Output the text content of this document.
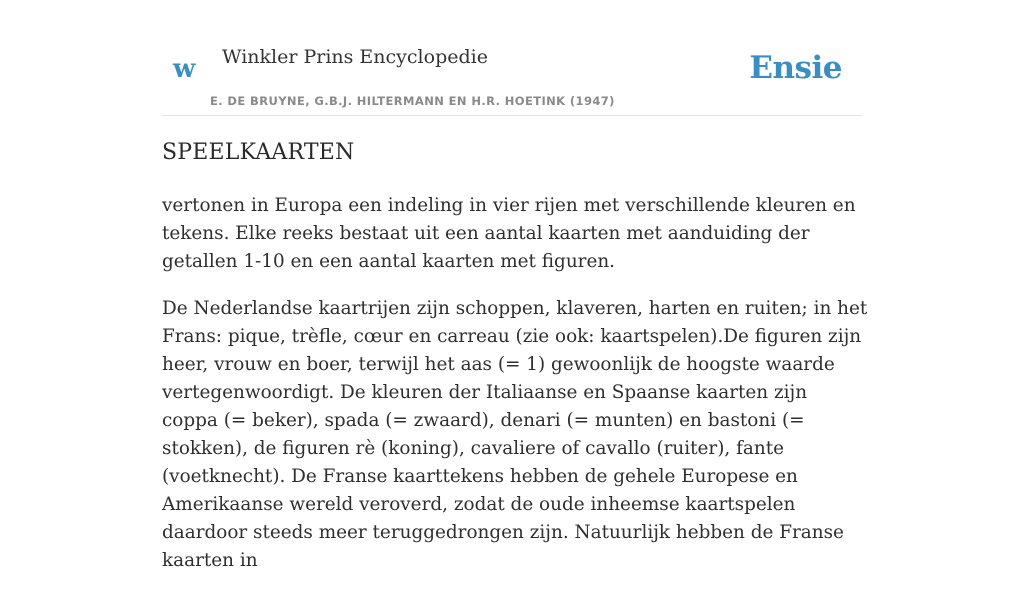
w Winkler Prins Encyclopedie
E. DE BRUYNE, G.B.J. HILTERMANN EN H.R. HOETINK (1947)
Ensie
SPEELKAARTEN

vertonen in Europa een indeling in vier rijen met verschillende kleuren en tekens. Elke reeks bestaat uit een aantal kaarten met aanduiding der getallen 1-10 en een aantal kaarten met figuren.

De Nederlandse kaartrijen zijn schoppen, klaveren, harten en ruiten; in het Frans: pique, trèfle, cœur en carreau (zie ook: kaartspelen).De figuren zijn heer, vrouw en boer, terwijl het aas (= 1) gewoonlijk de hoogste waarde vertegenwoordigt. De kleuren der Italiaanse en Spaanse kaarten zijn coppa (= beker), spada (= zwaard), denari (= munten) en bastoni (= stokken), de figuren rè (koning), cavaliere of cavallo (ruiter), fante (voetknecht). De Franse kaarttekens hebben de gehele Europese en Amerikaanse wereld veroverd, zodat de oude inheemse kaartspelen daardoor steeds meer teruggedrongen zijn. Natuurlijk hebben de Franse kaarten in
